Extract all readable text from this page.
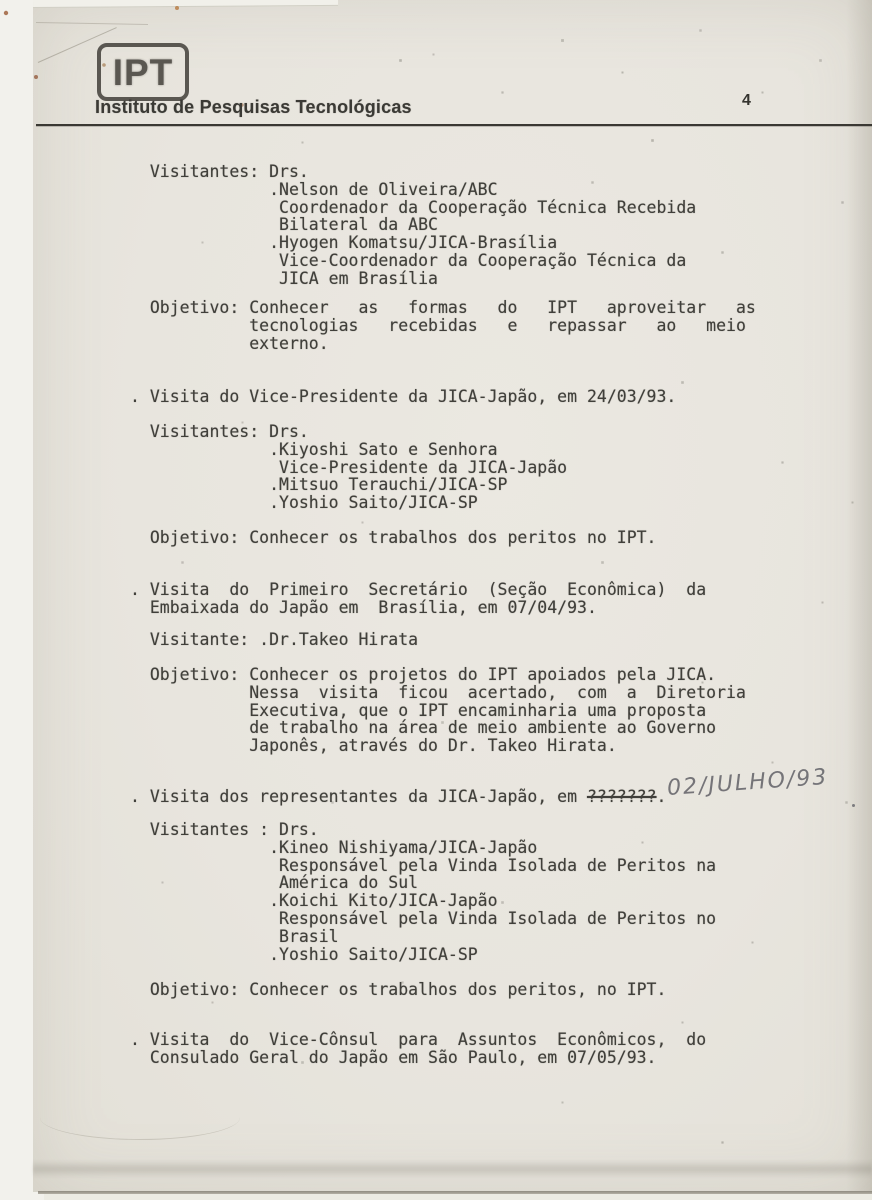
IPT
Instituto de Pesquisas Tecnológicas	4
Visitantes: Drs.
.Nelson de Oliveira/ABC
Coordenador da Cooperação Técnica Recebida
Bilateral da ABC
.Hyogen Komatsu/JICA-Brasília
Vice-Coordenador da Cooperação Técnica da
JICA em Brasília
Objetivo: Conhecer   as   formas   do   IPT   aproveitar   as
tecnologias   recebidas   e   repassar   ao   meio
externo.
. Visita do Vice-Presidente da JICA-Japão, em 24/03/93.
Visitantes: Drs.
.Kiyoshi Sato e Senhora
Vice-Presidente da JICA-Japão
.Mitsuo Terauchi/JICA-SP
.Yoshio Saito/JICA-SP
Objetivo: Conhecer os trabalhos dos peritos no IPT.
. Visita  do  Primeiro  Secretário  (Seção  Econômica)  da
Embaixada do Japão em  Brasília, em 07/04/93.
Visitante: .Dr.Takeo Hirata
Objetivo: Conhecer os projetos do IPT apoiados pela JICA.
Nessa  visita  ficou  acertado,  com  a  Diretoria
Executiva, que o IPT encaminharia uma proposta
de trabalho na área de meio ambiente ao Governo
Japonês, através do Dr. Takeo Hirata.
. Visita dos representantes da JICA-Japão, em ???????.
Visitantes : Drs.
.Kineo Nishiyama/JICA-Japão
Responsável pela Vinda Isolada de Peritos na
América do Sul
.Koichi Kito/JICA-Japão
Responsável pela Vinda Isolada de Peritos no
Brasil
.Yoshio Saito/JICA-SP
Objetivo: Conhecer os trabalhos dos peritos, no IPT.
. Visita  do  Vice-Cônsul  para  Assuntos  Econômicos,  do
Consulado Geral do Japão em São Paulo, em 07/05/93.
02/JULHO/93
